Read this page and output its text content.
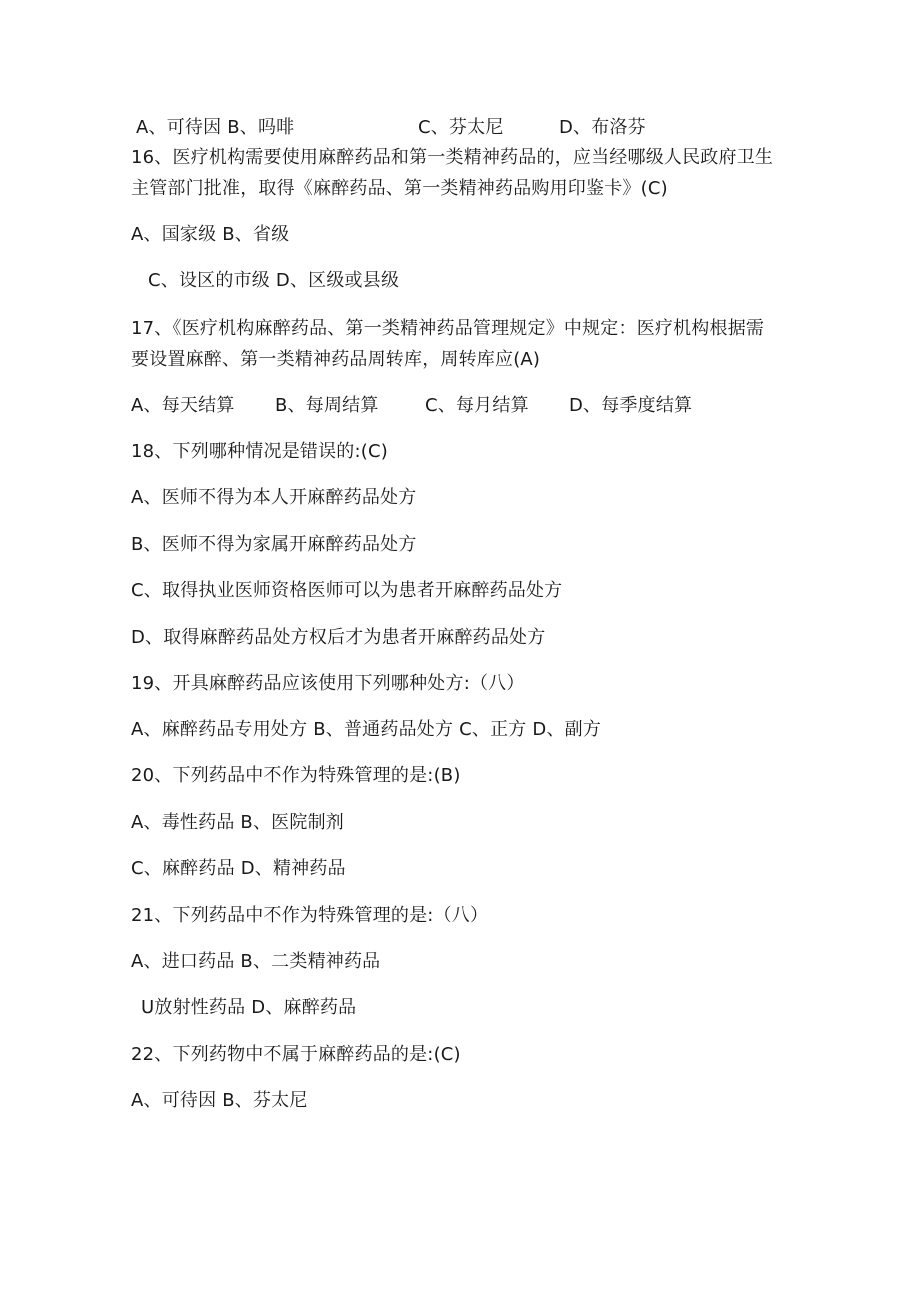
A、可待因 B、吗啡	C、芬太尼	D、布洛芬
16、医疗机构需要使用麻醉药品和第一类精神药品的，应当经哪级人民政府卫生
主管部门批准，取得《麻醉药品、第一类精神药品购用印鉴卡》(C)
A、国家级 B、省级
C、设区的市级 D、区级或县级
17、《医疗机构麻醉药品、第一类精神药品管理规定》中规定：医疗机构根据需
要设置麻醉、第一类精神药品周转库，周转库应(A)
A、每天结算 B、每周结算	C、每月结算 D、每季度结算
18、下列哪种情况是错误的:(C)
A、医师不得为本人开麻醉药品处方
B、医师不得为家属开麻醉药品处方
C、取得执业医师资格医师可以为患者开麻醉药品处方
D、取得麻醉药品处方权后才为患者开麻醉药品处方
19、开具麻醉药品应该使用下列哪种处方:（八）
A、麻醉药品专用处方 B、普通药品处方 C、正方 D、副方
20、下列药品中不作为特殊管理的是:(B)
A、毒性药品 B、医院制剂
C、麻醉药品 D、精神药品
21、下列药品中不作为特殊管理的是:（八）
A、进口药品 B、二类精神药品
U放射性药品 D、麻醉药品
22、下列药物中不属于麻醉药品的是:(C)
A、可待因 B、芬太尼
